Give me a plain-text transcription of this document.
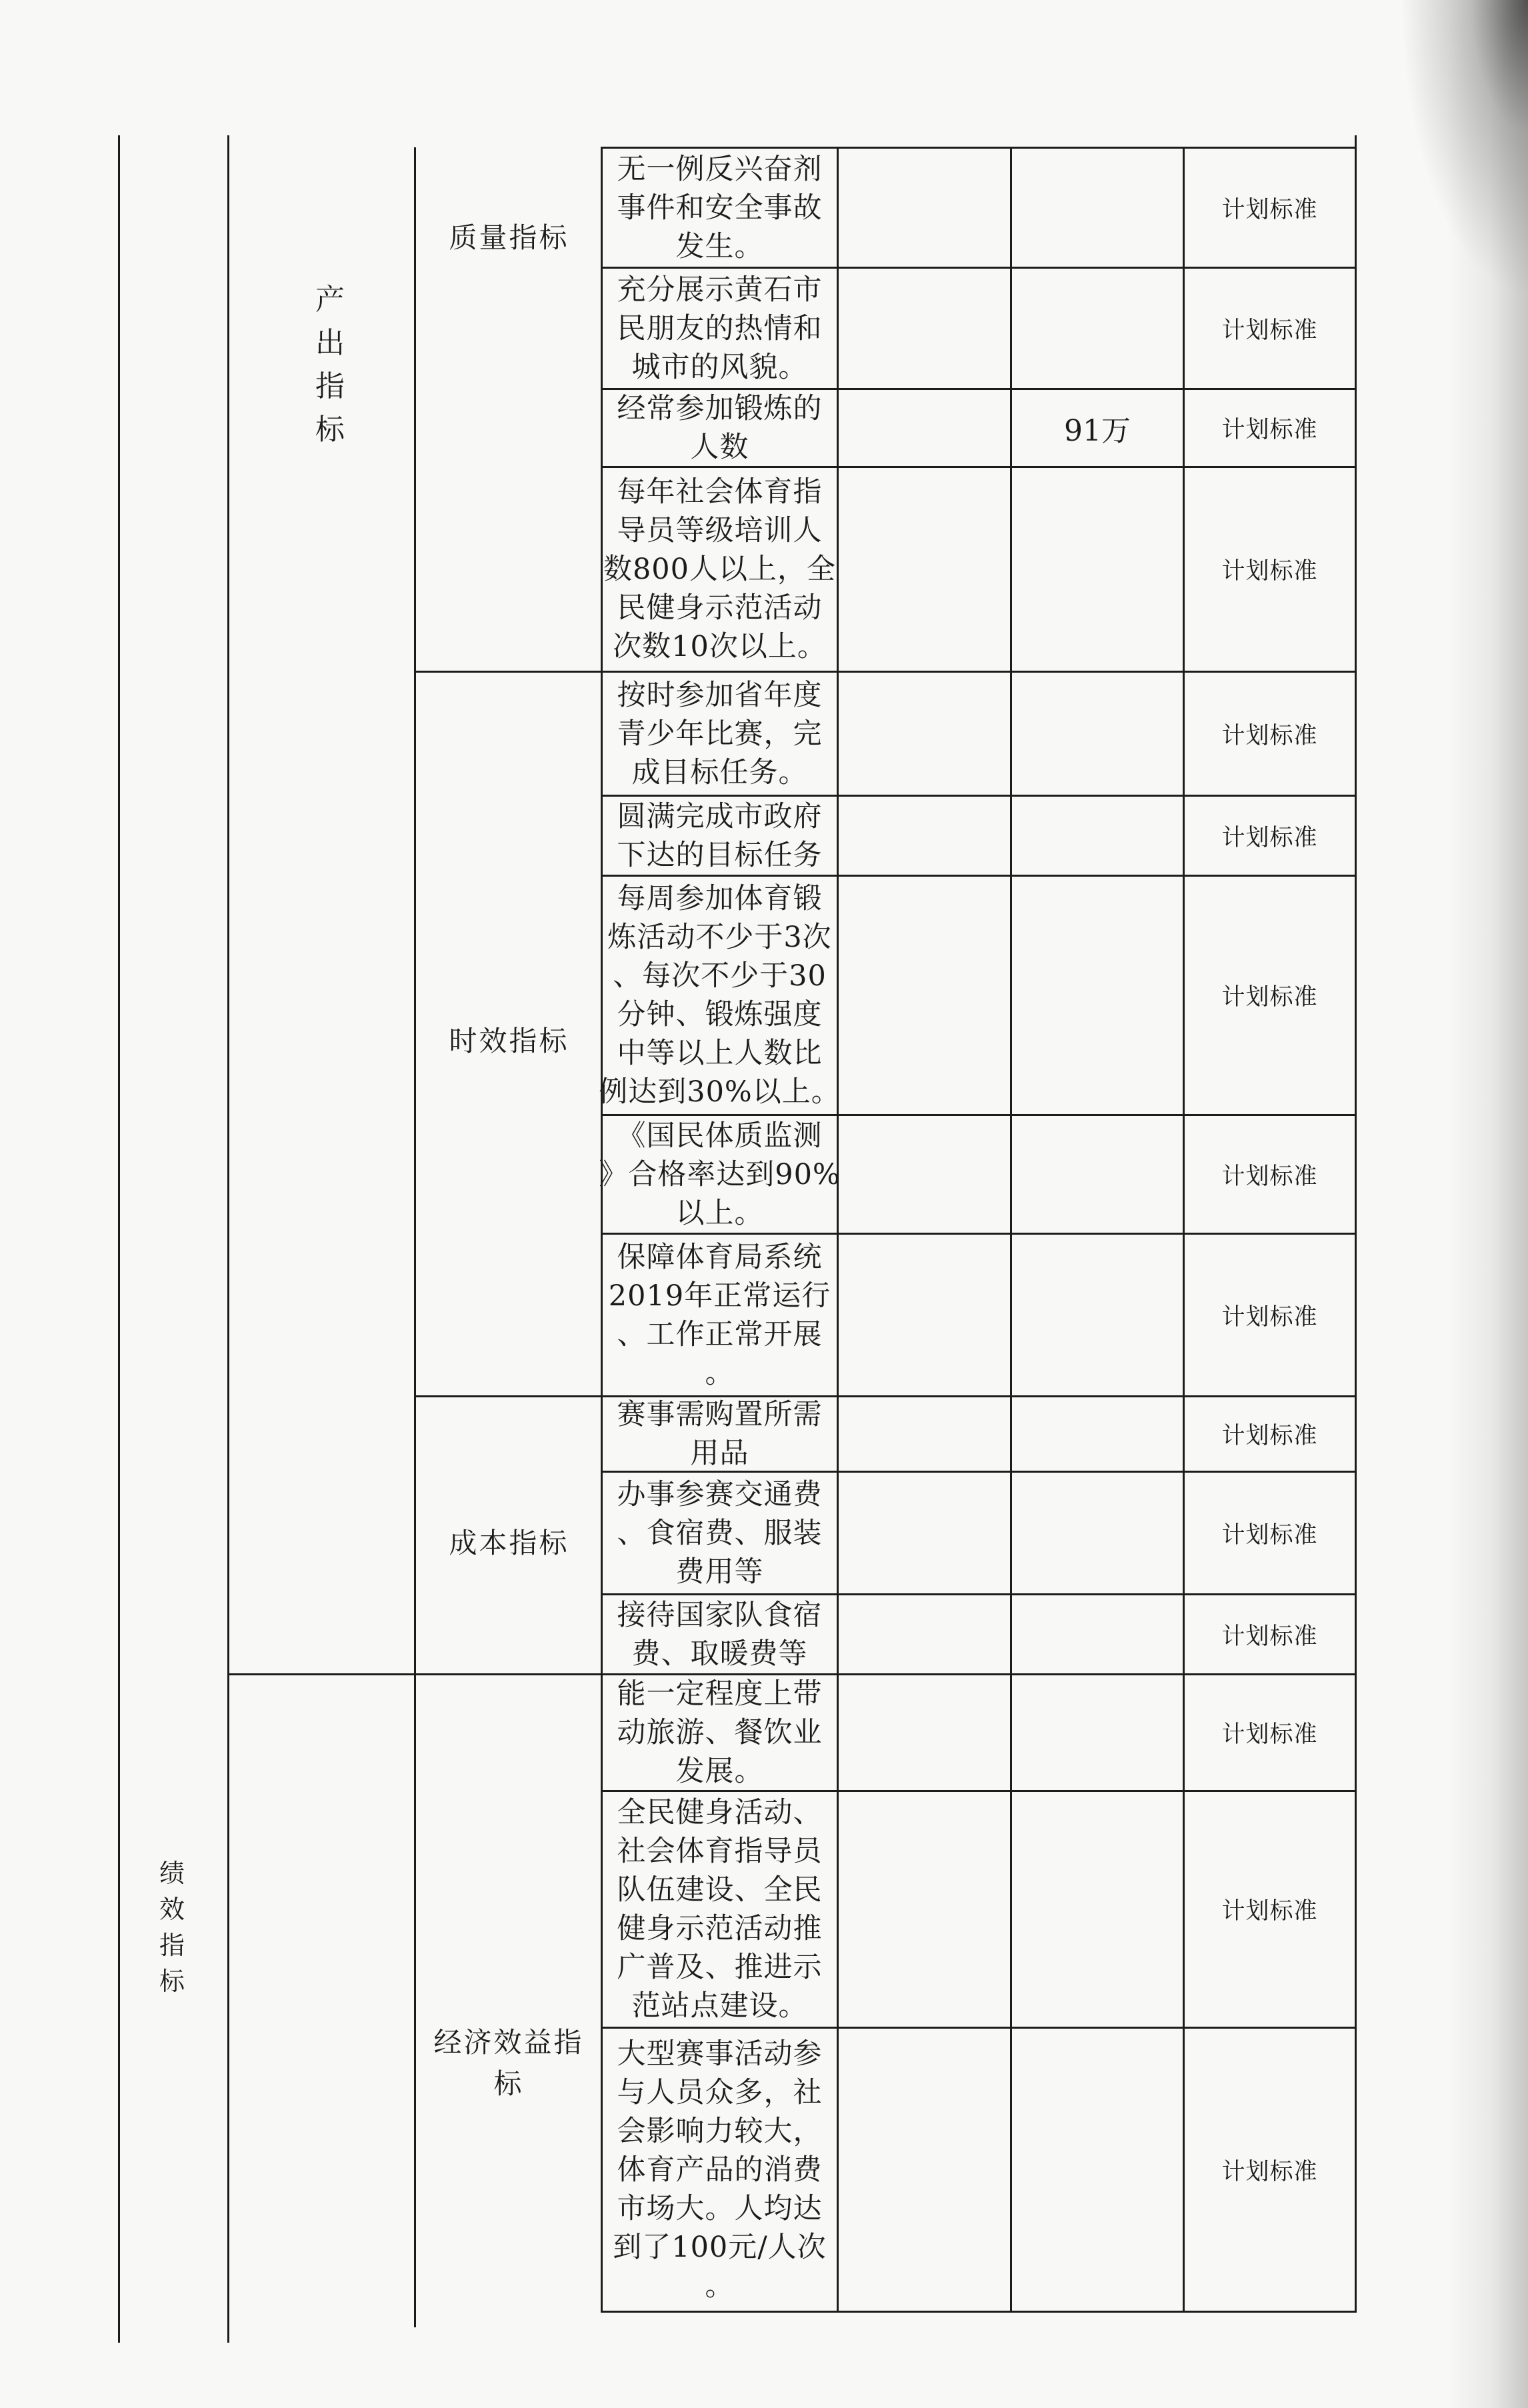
绩效指标
产出指标
质量指标
时效指标
成本指标
经济效益指标
无一例反兴奋剂
事件和安全事故
发生。
计划标准
充分展示黄石市
民朋友的热情和
城市的风貌。
计划标准
经常参加锻炼的
人数	91万	计划标准
每年社会体育指
导员等级培训人
数800人以上，全
民健身示范活动
次数10次以上。
计划标准
按时参加省年度
青少年比赛，完
成目标任务。
计划标准
圆满完成市政府
下达的目标任务
计划标准
每周参加体育锻
炼活动不少于3次
、每次不少于30
分钟、锻炼强度
中等以上人数比
例达到30%以上。
计划标准
《国民体质监测
》合格率达到90%
以上。
计划标准
保障体育局系统
2019年正常运行
、工作正常开展
。
计划标准
赛事需购置所需
用品
计划标准
办事参赛交通费
、食宿费、服装
费用等
计划标准
接待国家队食宿
费、取暖费等
计划标准
能一定程度上带
动旅游、餐饮业
发展。
计划标准
全民健身活动、
社会体育指导员
队伍建设、全民
健身示范活动推
广普及、推进示
范站点建设。
计划标准
大型赛事活动参
与人员众多，社
会影响力较大，
体育产品的消费
市场大。人均达
到了100元/人次
。
计划标准
